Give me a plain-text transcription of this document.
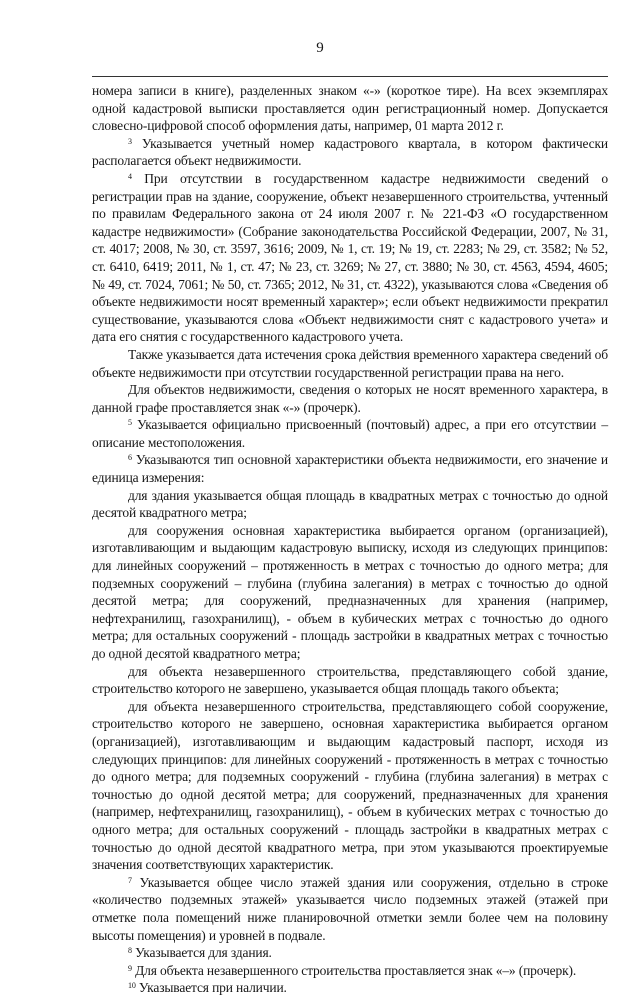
9

номера записи в книге), разделенных знаком «-» (короткое тире). На всех экземплярах одной кадастровой выписки проставляется один регистрационный номер. Допускается словесно-цифровой способ оформления даты, например, 01 марта 2012 г.

$^3$ Указывается учетный номер кадастрового квартала, в котором фактически располагается объект недвижимости.

$^4$ При отсутствии в государственном кадастре недвижимости сведений о регистрации прав на здание, сооружение, объект незавершенного строительства, учтенный по правилам Федерального закона от 24 июля 2007 г. № 221-ФЗ «О государственном кадастре недвижимости» (Собрание законодательства Российской Федерации, 2007, № 31, ст. 4017; 2008, № 30, ст. 3597, 3616; 2009, № 1, ст. 19; № 19, ст. 2283; № 29, ст. 3582; № 52, ст. 6410, 6419; 2011, № 1, ст. 47; № 23, ст. 3269; № 27, ст. 3880; № 30, ст. 4563, 4594, 4605; № 49, ст. 7024, 7061; № 50, ст. 7365; 2012, № 31, ст. 4322), указываются слова «Сведения об объекте недвижимости носят временный характер»; если объект недвижимости прекратил существование, указываются слова «Объект недвижимости снят с кадастрового учета» и дата его снятия с государственного кадастрового учета.

Также указывается дата истечения срока действия временного характера сведений об объекте недвижимости при отсутствии государственной регистрации права на него.

Для объектов недвижимости, сведения о которых не носят временного характера, в данной графе проставляется знак «-» (прочерк).

$^5$ Указывается официально присвоенный (почтовый) адрес, а при его отсутствии – описание местоположения.

$^6$ Указываются тип основной характеристики объекта недвижимости, его значение и единица измерения:

для здания указывается общая площадь в квадратных метрах с точностью до одной десятой квадратного метра;

для сооружения основная характеристика выбирается органом (организацией), изготавливающим и выдающим кадастровую выписку, исходя из следующих принципов: для линейных сооружений – протяженность в метрах с точностью до одного метра; для подземных сооружений – глубина (глубина залегания) в метрах с точностью до одной десятой метра; для сооружений, предназначенных для хранения (например, нефтехранилищ, газохранилищ), - объем в кубических метрах с точностью до одного метра; для остальных сооружений - площадь застройки в квадратных метрах с точностью до одной десятой квадратного метра;

для объекта незавершенного строительства, представляющего собой здание, строительство которого не завершено, указывается общая площадь такого объекта;

для объекта незавершенного строительства, представляющего собой сооружение, строительство которого не завершено, основная характеристика выбирается органом (организацией), изготавливающим и выдающим кадастровый паспорт, исходя из следующих принципов: для линейных сооружений - протяженность в метрах с точностью до одного метра; для подземных сооружений - глубина (глубина залегания) в метрах с точностью до одной десятой метра; для сооружений, предназначенных для хранения (например, нефтехранилищ, газохранилищ), - объем в кубических метрах с точностью до одного метра; для остальных сооружений - площадь застройки в квадратных метрах с точностью до одной десятой квадратного метра, при этом указываются проектируемые значения соответствующих характеристик.

$^7$ Указывается общее число этажей здания или сооружения, отдельно в строке «количество подземных этажей» указывается число подземных этажей (этажей при отметке пола помещений ниже планировочной отметки земли более чем на половину высоты помещения) и уровней в подвале.

$^8$ Указывается для здания.

$^9$ Для объекта незавершенного строительства проставляется знак «–» (прочерк).

$^{10}$ Указывается при наличии.
